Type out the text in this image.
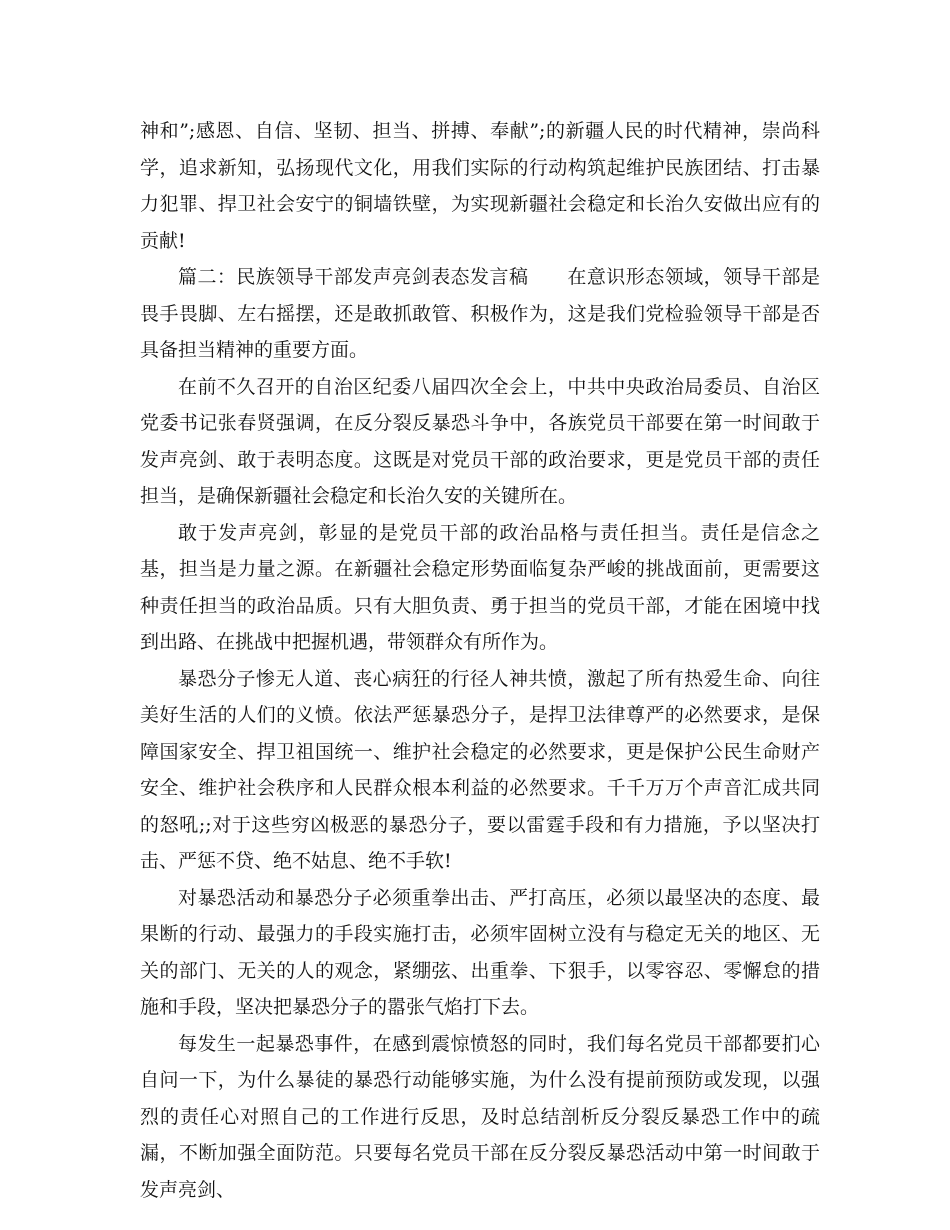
神和”;感恩、自信、坚韧、担当、拼搏、奉献”;的新疆人民的时代精神，崇尚科学，追求新知，弘扬现代文化，用我们实际的行动构筑起维护民族团结、打击暴力犯罪、捍卫社会安宁的铜墙铁壁，为实现新疆社会稳定和长治久安做出应有的贡献!

篇二：民族领导干部发声亮剑表态发言稿　　在意识形态领域，领导干部是畏手畏脚、左右摇摆，还是敢抓敢管、积极作为，这是我们党检验领导干部是否具备担当精神的重要方面。

在前不久召开的自治区纪委八届四次全会上，中共中央政治局委员、自治区党委书记张春贤强调，在反分裂反暴恐斗争中，各族党员干部要在第一时间敢于发声亮剑、敢于表明态度。这既是对党员干部的政治要求，更是党员干部的责任担当，是确保新疆社会稳定和长治久安的关键所在。

敢于发声亮剑，彰显的是党员干部的政治品格与责任担当。责任是信念之基，担当是力量之源。在新疆社会稳定形势面临复杂严峻的挑战面前，更需要这种责任担当的政治品质。只有大胆负责、勇于担当的党员干部，才能在困境中找到出路、在挑战中把握机遇，带领群众有所作为。

暴恐分子惨无人道、丧心病狂的行径人神共愤，激起了所有热爱生命、向往美好生活的人们的义愤。依法严惩暴恐分子，是捍卫法律尊严的必然要求，是保障国家安全、捍卫祖国统一、维护社会稳定的必然要求，更是保护公民生命财产安全、维护社会秩序和人民群众根本利益的必然要求。千千万万个声音汇成共同的怒吼;;对于这些穷凶极恶的暴恐分子，要以雷霆手段和有力措施，予以坚决打击、严惩不贷、绝不姑息、绝不手软!

对暴恐活动和暴恐分子必须重拳出击、严打高压，必须以最坚决的态度、最果断的行动、最强力的手段实施打击，必须牢固树立没有与稳定无关的地区、无关的部门、无关的人的观念，紧绷弦、出重拳、下狠手，以零容忍、零懈怠的措施和手段，坚决把暴恐分子的嚣张气焰打下去。

每发生一起暴恐事件，在感到震惊愤怒的同时，我们每名党员干部都要扪心自问一下，为什么暴徒的暴恐行动能够实施，为什么没有提前预防或发现，以强烈的责任心对照自己的工作进行反思，及时总结剖析反分裂反暴恐工作中的疏漏，不断加强全面防范。只要每名党员干部在反分裂反暴恐活动中第一时间敢于发声亮剑、
